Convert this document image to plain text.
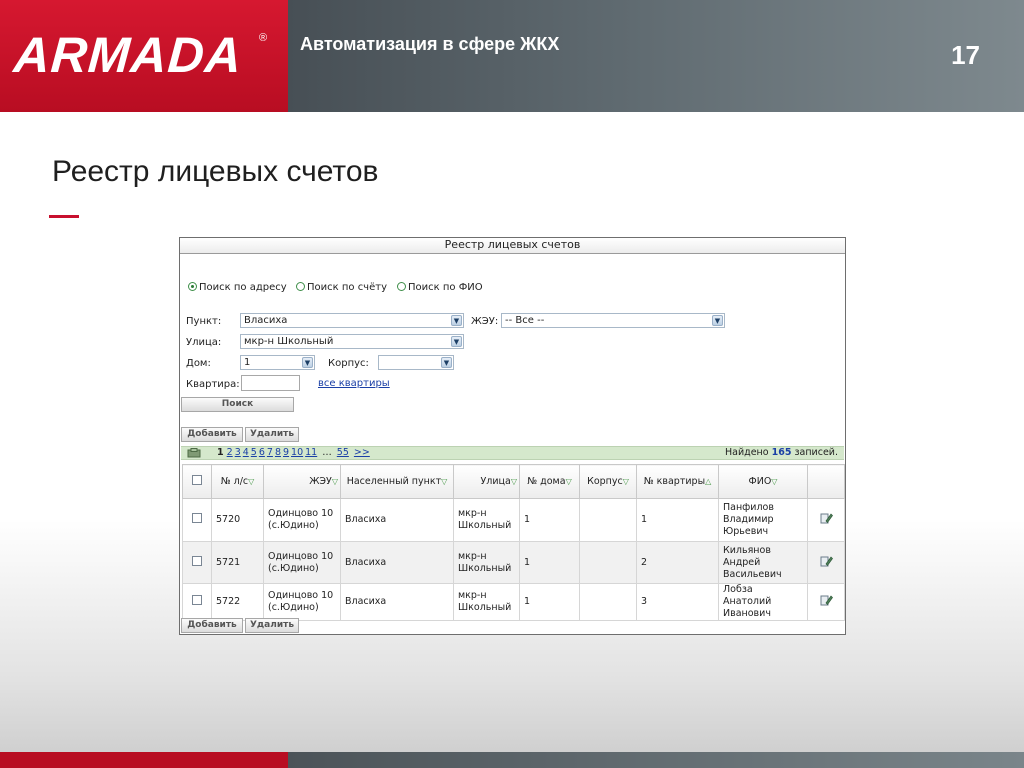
ARMADA ® Автоматизация в сфере ЖКХ	17
Реестр лицевых счетов
Реестр лицевых счетов
Поиск по адресу	Поиск по счёту	Поиск по ФИО
Пункт:	Власиха	▼ ЖЭУ: -- Все --	▼
Улица:	мкр-н Школьный	▼
Дом:	1	▼ Корпус:	▼
Квартира:	все квартиры
Поиск
Добавить	Удалить
1 2 3 4 5 6 7 8 9 10 11 … 55 >>	Найдено 165 записей.
	№ л/с▽	ЖЭУ▽	Населенный пункт▽	Улица▽	№ дома▽	Корпус▽	№ квартиры△	ФИО▽	
	5720	Одинцово 10 (с.Юдино)	Власиха	мкр-н Школьный	1		1	Панфилов Владимир Юрьевич	
	5721	Одинцово 10 (с.Юдино)	Власиха	мкр-н Школьный	1		2	Кильянов Андрей Васильевич	
	5722	Одинцово 10 (с.Юдино)	Власиха	мкр-н Школьный	1		3	Лобза Анатолий Иванович	
Добавить	Удалить
